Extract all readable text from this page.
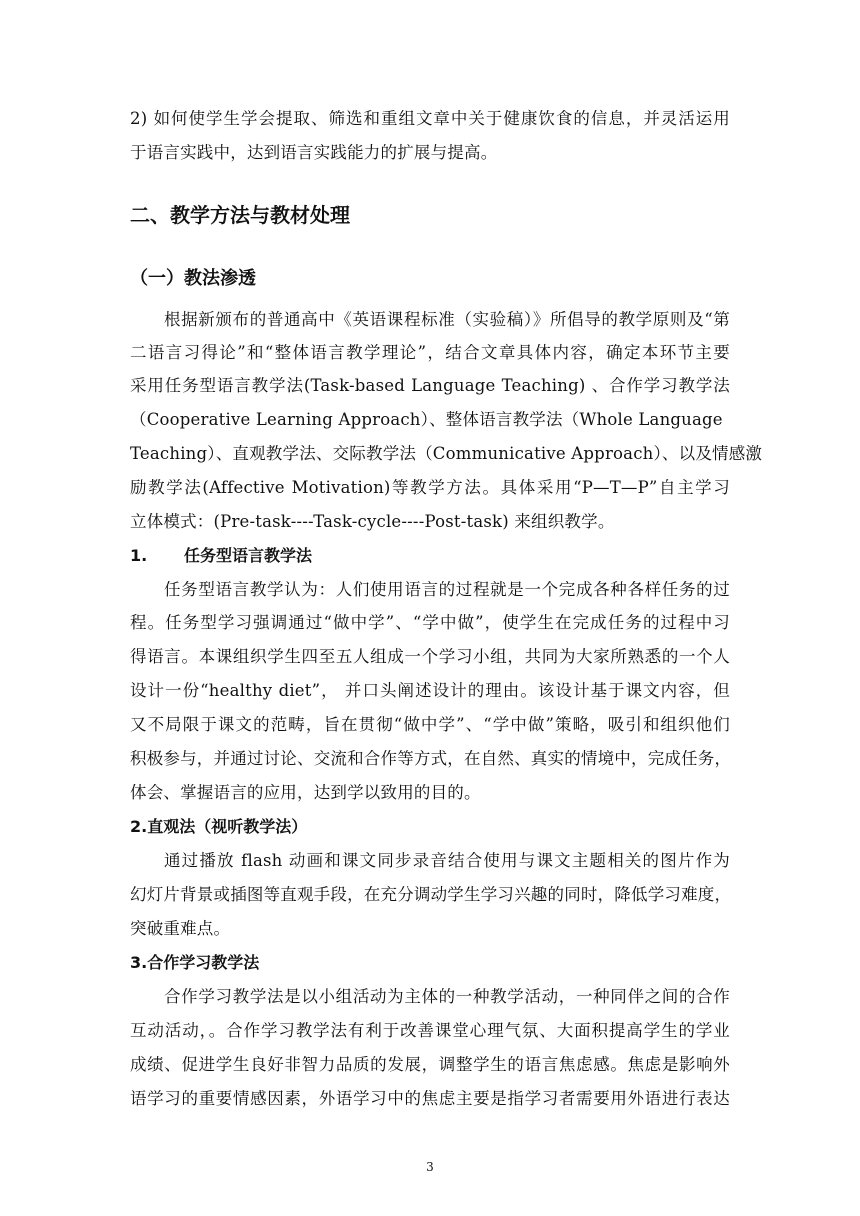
2) 如何使学生学会提取、筛选和重组文章中关于健康饮食的信息，并灵活运用
于语言实践中，达到语言实践能力的扩展与提高。
二、教学方法与教材处理
（一）教法渗透
根据新颁布的普通高中《英语课程标准（实验稿）》所倡导的教学原则及“第
二语言习得论”和“整体语言教学理论”，结合文章具体内容，确定本环节主要
采用任务型语言教学法(Task-based Language Teaching) 、合作学习教学法
（Cooperative Learning Approach）、整体语言教学法（Whole Language
Teaching）、直观教学法、交际教学法（Communicative Approach）、以及情感激
励教学法(Affective Motivation)等教学方法。具体采用“P—T—P”自主学习
立体模式：(Pre-task----Task-cycle----Post-task) 来组织教学。
1. 任务型语言教学法
任务型语言教学认为：人们使用语言的过程就是一个完成各种各样任务的过
程。任务型学习强调通过“做中学”、“学中做”，使学生在完成任务的过程中习
得语言。本课组织学生四至五人组成一个学习小组，共同为大家所熟悉的一个人
设计一份“healthy diet”， 并口头阐述设计的理由。该设计基于课文内容，但
又不局限于课文的范畴，旨在贯彻“做中学”、“学中做”策略，吸引和组织他们
积极参与，并通过讨论、交流和合作等方式，在自然、真实的情境中，完成任务，
体会、掌握语言的应用，达到学以致用的目的。
2.直观法（视听教学法）
通过播放 flash 动画和课文同步录音结合使用与课文主题相关的图片作为
幻灯片背景或插图等直观手段，在充分调动学生学习兴趣的同时，降低学习难度，
突破重难点。
3.合作学习教学法
合作学习教学法是以小组活动为主体的一种教学活动，一种同伴之间的合作
互动活动，。合作学习教学法有利于改善课堂心理气氛、大面积提高学生的学业
成绩、促进学生良好非智力品质的发展，调整学生的语言焦虑感。焦虑是影响外
语学习的重要情感因素，外语学习中的焦虑主要是指学习者需要用外语进行表达
3
